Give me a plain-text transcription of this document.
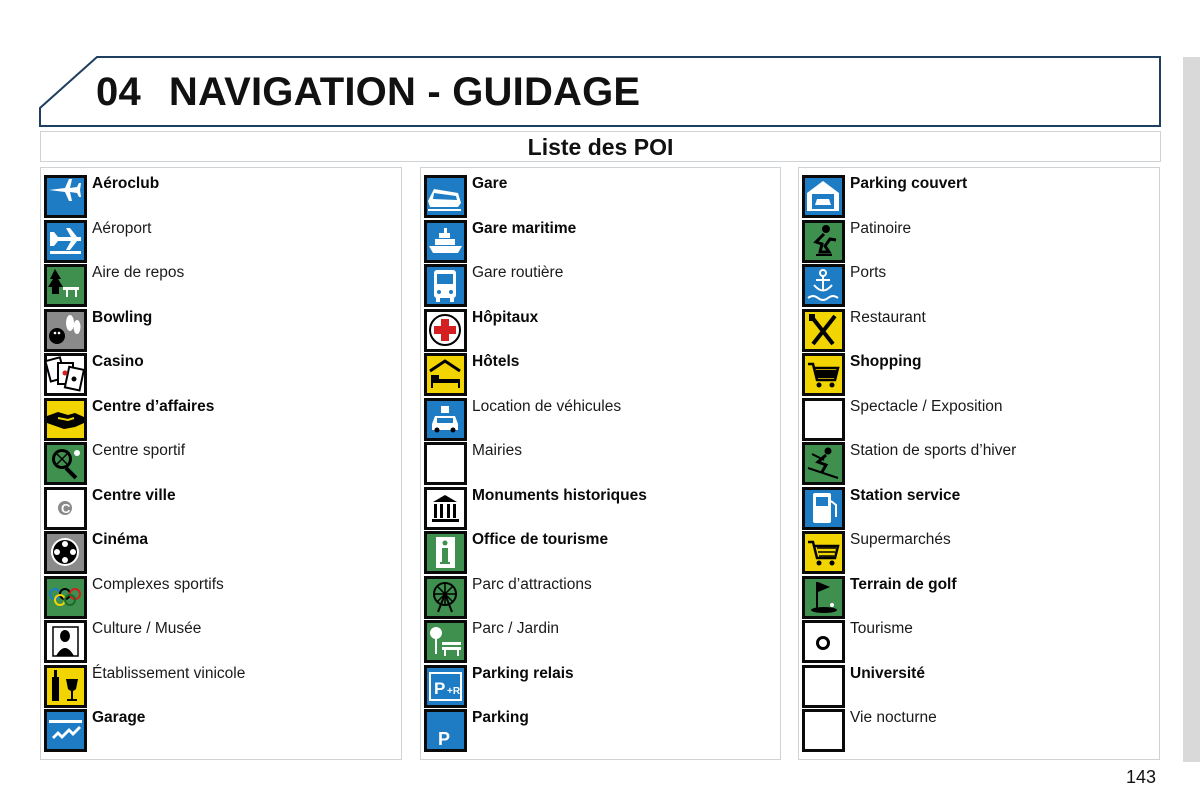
04 NAVIGATION - GUIDAGE
Liste des POI
Aéroclub
Aéroport
Aire de repos
Bowling
Casino
Centre d’affaires
Centre sportif
C
Centre ville
Cinéma
Complexes sportifs
Culture / Musée
Établissement vinicole
Garage
Gare
Gare maritime
Gare routière
Hôpitaux
Hôtels
Location de véhicules
Mairies
Monuments historiques
Office de tourisme
Parc d’attractions
Parc / Jardin
P +R
Parking relais
P
Parking
Parking couvert
Patinoire
Ports
Restaurant
Shopping
Spectacle / Exposition
Station de sports d’hiver
Station service
Supermarchés
Terrain de golf
Tourisme
Université
Vie nocturne
143
